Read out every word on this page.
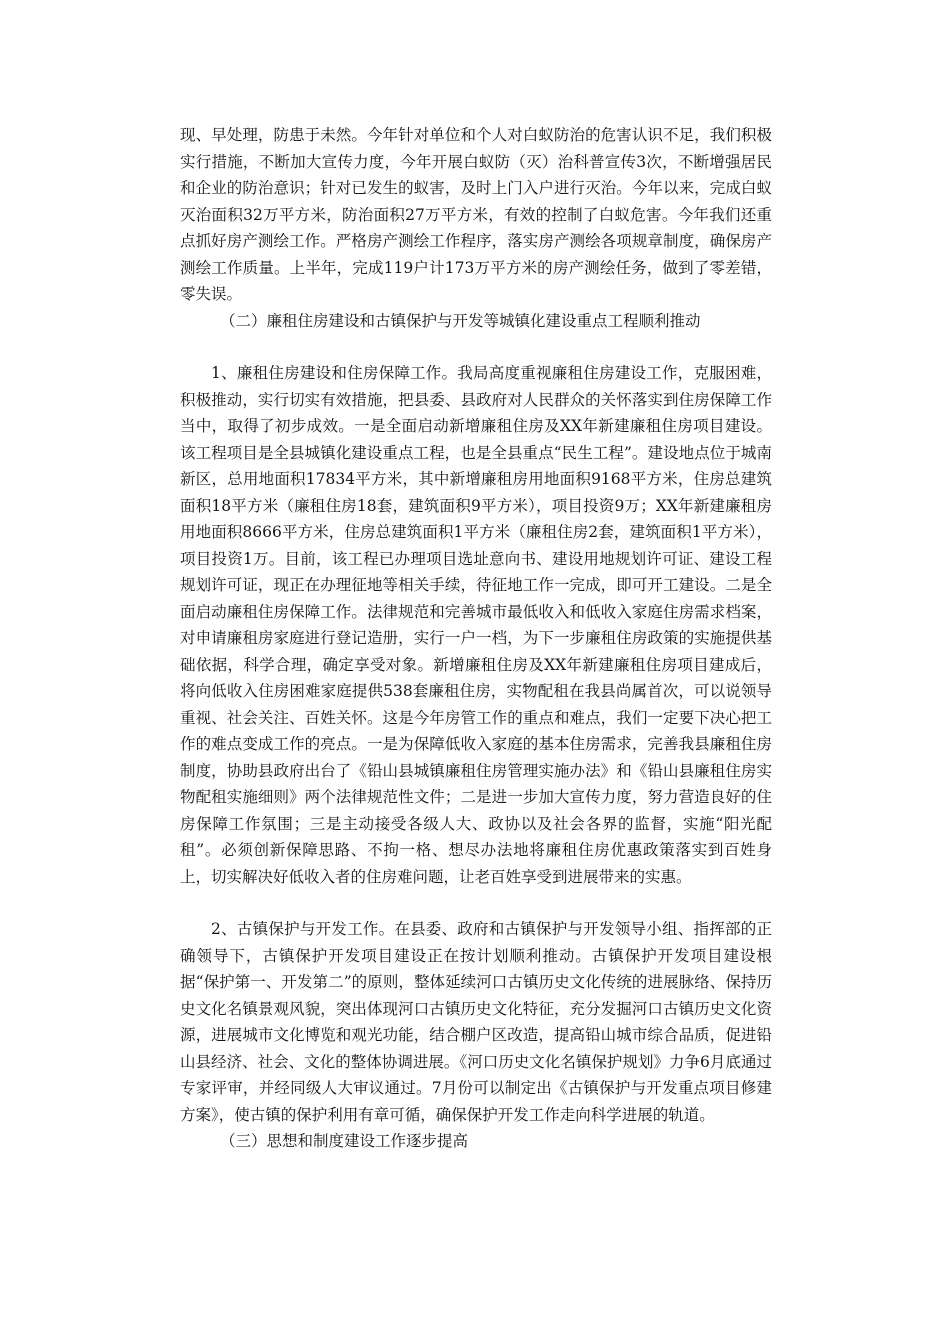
现、早处理，防患于未然。今年针对单位和个人对白蚁防治的危害认识不足，我们积极实行措施，不断加大宣传力度，今年开展白蚁防（灭）治科普宣传3次，不断增强居民和企业的防治意识；针对已发生的蚁害，及时上门入户进行灭治。今年以来，完成白蚁灭治面积32万平方米，防治面积27万平方米，有效的控制了白蚁危害。今年我们还重点抓好房产测绘工作。严格房产测绘工作程序，落实房产测绘各项规章制度，确保房产测绘工作质量。上半年，完成119户计173万平方米的房产测绘任务，做到了零差错，零失误。

（二）廉租住房建设和古镇保护与开发等城镇化建设重点工程顺利推动

1、廉租住房建设和住房保障工作。我局高度重视廉租住房建设工作，克服困难，积极推动，实行切实有效措施，把县委、县政府对人民群众的关怀落实到住房保障工作当中，取得了初步成效。一是全面启动新增廉租住房及XX年新建廉租住房项目建设。该工程项目是全县城镇化建设重点工程，也是全县重点“民生工程”。建设地点位于城南新区，总用地面积17834平方米，其中新增廉租房用地面积9168平方米，住房总建筑面积18平方米（廉租住房18套，建筑面积9平方米），项目投资9万；XX年新建廉租房用地面积8666平方米，住房总建筑面积1平方米（廉租住房2套，建筑面积1平方米），项目投资1万。目前，该工程已办理项目选址意向书、建设用地规划许可证、建设工程规划许可证，现正在办理征地等相关手续，待征地工作一完成，即可开工建设。二是全面启动廉租住房保障工作。法律规范和完善城市最低收入和低收入家庭住房需求档案，对申请廉租房家庭进行登记造册，实行一户一档，为下一步廉租住房政策的实施提供基础依据，科学合理，确定享受对象。新增廉租住房及XX年新建廉租住房项目建成后，将向低收入住房困难家庭提供538套廉租住房，实物配租在我县尚属首次，可以说领导重视、社会关注、百姓关怀。这是今年房管工作的重点和难点，我们一定要下决心把工作的难点变成工作的亮点。一是为保障低收入家庭的基本住房需求，完善我县廉租住房制度，协助县政府出台了《铅山县城镇廉租住房管理实施办法》和《铅山县廉租住房实物配租实施细则》两个法律规范性文件；二是进一步加大宣传力度，努力营造良好的住房保障工作氛围；三是主动接受各级人大、政协以及社会各界的监督，实施“阳光配租”。必须创新保障思路、不拘一格、想尽办法地将廉租住房优惠政策落实到百姓身上，切实解决好低收入者的住房难问题，让老百姓享受到进展带来的实惠。

2、古镇保护与开发工作。在县委、政府和古镇保护与开发领导小组、指挥部的正确领导下，古镇保护开发项目建设正在按计划顺利推动。古镇保护开发项目建设根据“保护第一、开发第二”的原则，整体延续河口古镇历史文化传统的进展脉络、保持历史文化名镇景观风貌，突出体现河口古镇历史文化特征，充分发掘河口古镇历史文化资源，进展城市文化博览和观光功能，结合棚户区改造，提高铅山城市综合品质，促进铅山县经济、社会、文化的整体协调进展。《河口历史文化名镇保护规划》力争6月底通过专家评审，并经同级人大审议通过。7月份可以制定出《古镇保护与开发重点项目修建方案》，使古镇的保护利用有章可循，确保保护开发工作走向科学进展的轨道。

（三）思想和制度建设工作逐步提高
